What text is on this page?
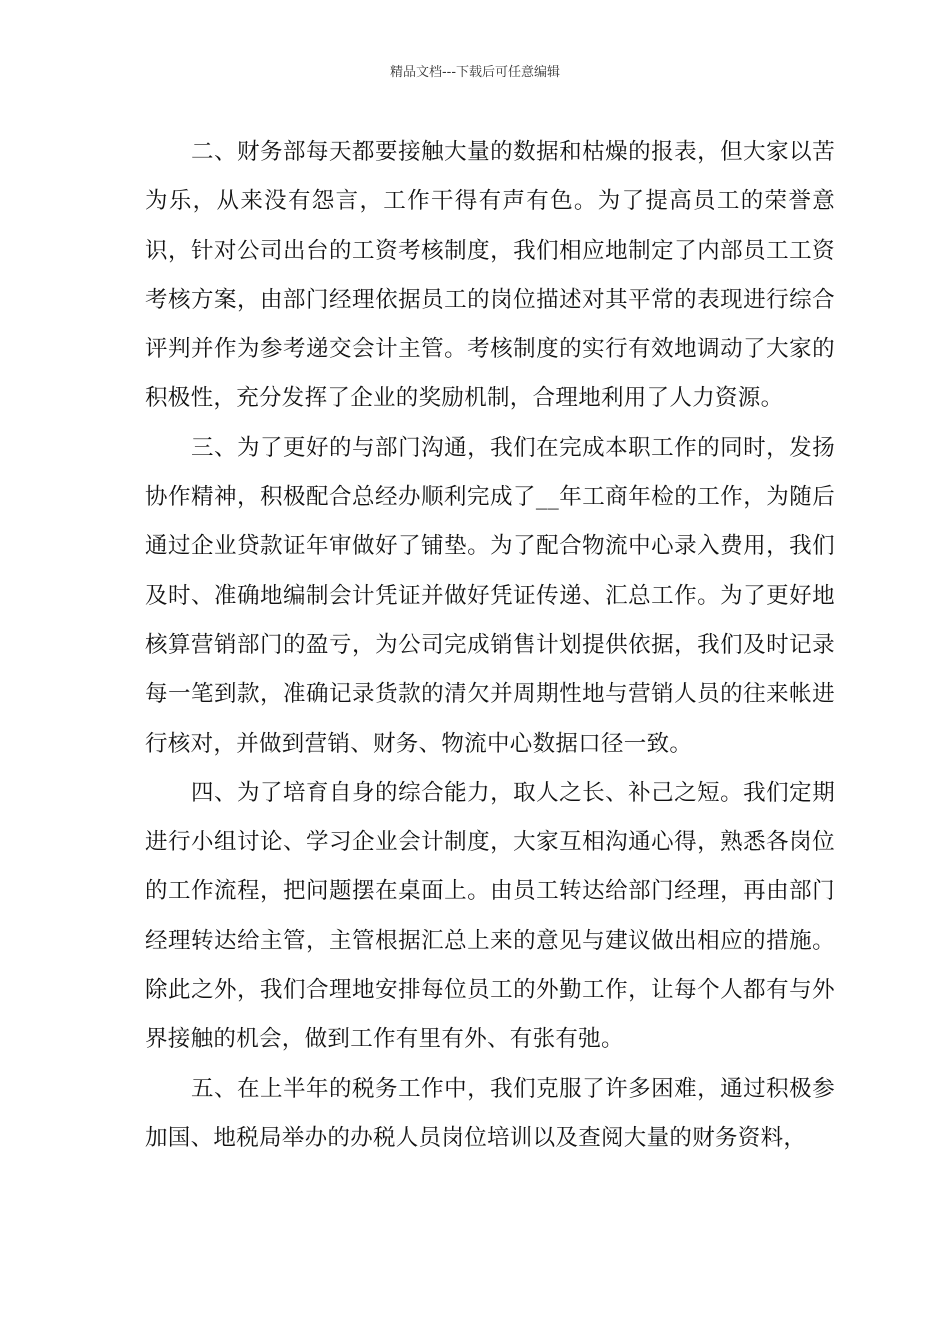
精品文档---下载后可任意编辑

二、财务部每天都要接触大量的数据和枯燥的报表，但大家以苦为乐，从来没有怨言，工作干得有声有色。为了提高员工的荣誉意识，针对公司出台的工资考核制度，我们相应地制定了内部员工工资考核方案，由部门经理依据员工的岗位描述对其平常的表现进行综合评判并作为参考递交会计主管。考核制度的实行有效地调动了大家的积极性，充分发挥了企业的奖励机制，合理地利用了人力资源。

三、为了更好的与部门沟通，我们在完成本职工作的同时，发扬协作精神，积极配合总经办顺利完成了__年工商年检的工作，为随后通过企业贷款证年审做好了铺垫。为了配合物流中心录入费用，我们及时、准确地编制会计凭证并做好凭证传递、汇总工作。为了更好地核算营销部门的盈亏，为公司完成销售计划提供依据，我们及时记录每一笔到款，准确记录货款的清欠并周期性地与营销人员的往来帐进行核对，并做到营销、财务、物流中心数据口径一致。

四、为了培育自身的综合能力，取人之长、补己之短。我们定期进行小组讨论、学习企业会计制度，大家互相沟通心得，熟悉各岗位的工作流程，把问题摆在桌面上。由员工转达给部门经理，再由部门经理转达给主管，主管根据汇总上来的意见与建议做出相应的措施。除此之外，我们合理地安排每位员工的外勤工作，让每个人都有与外界接触的机会，做到工作有里有外、有张有弛。

五、在上半年的税务工作中，我们克服了许多困难，通过积极参加国、地税局举办的办税人员岗位培训以及查阅大量的财务资料，
